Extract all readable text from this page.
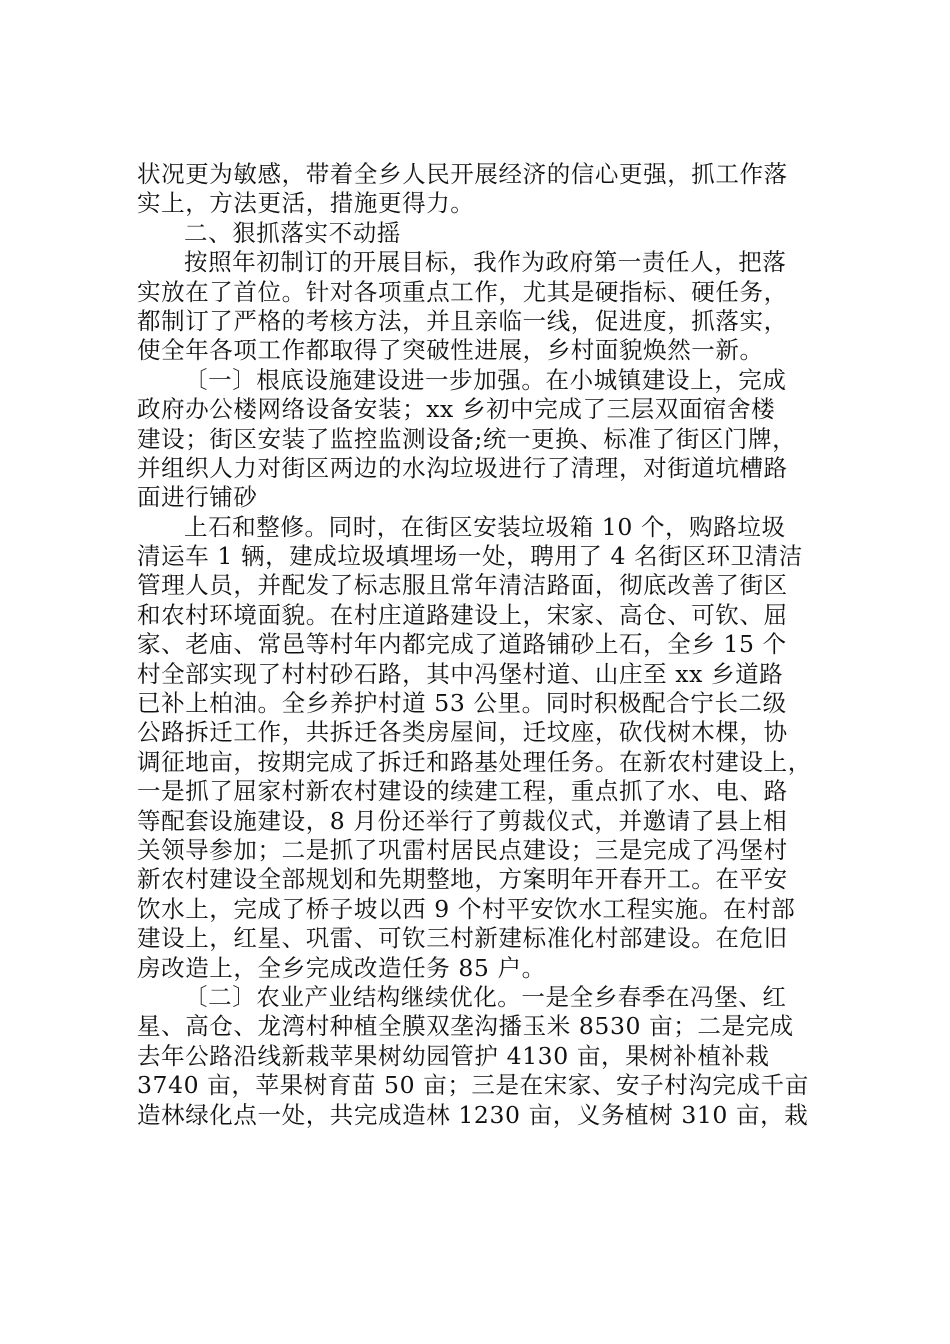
状况更为敏感，带着全乡人民开展经济的信心更强，抓工作落
实上，方法更活，措施更得力。
二、狠抓落实不动摇
按照年初制订的开展目标，我作为政府第一责任人，把落
实放在了首位。针对各项重点工作，尤其是硬指标、硬任务，
都制订了严格的考核方法，并且亲临一线，促进度，抓落实，
使全年各项工作都取得了突破性进展，乡村面貌焕然一新。
〔一〕根底设施建设进一步加强。在小城镇建设上，完成
政府办公楼网络设备安装；xx 乡初中完成了三层双面宿舍楼
建设；街区安装了监控监测设备;统一更换、标准了街区门牌，
并组织人力对街区两边的水沟垃圾进行了清理，对街道坑槽路
面进行铺砂
上石和整修。同时，在街区安装垃圾箱 10 个，购路垃圾
清运车 1 辆，建成垃圾填埋场一处，聘用了 4 名街区环卫清洁
管理人员，并配发了标志服且常年清洁路面，彻底改善了街区
和农村环境面貌。在村庄道路建设上，宋家、高仓、可钦、屈
家、老庙、常邑等村年内都完成了道路铺砂上石，全乡 15 个
村全部实现了村村砂石路，其中冯堡村道、山庄至 xx 乡道路
已补上柏油。全乡养护村道 53 公里。同时积极配合宁长二级
公路拆迁工作，共拆迁各类房屋间，迁坟座，砍伐树木棵，协
调征地亩，按期完成了拆迁和路基处理任务。在新农村建设上，
一是抓了屈家村新农村建设的续建工程，重点抓了水、电、路
等配套设施建设，8 月份还举行了剪裁仪式，并邀请了县上相
关领导参加；二是抓了巩雷村居民点建设；三是完成了冯堡村
新农村建设全部规划和先期整地，方案明年开春开工。在平安
饮水上，完成了桥子坡以西 9 个村平安饮水工程实施。在村部
建设上，红星、巩雷、可钦三村新建标准化村部建设。在危旧
房改造上，全乡完成改造任务 85 户。
〔二〕农业产业结构继续优化。一是全乡春季在冯堡、红
星、高仓、龙湾村种植全膜双垄沟播玉米 8530 亩；二是完成
去年公路沿线新栽苹果树幼园管护 4130 亩，果树补植补栽
3740 亩，苹果树育苗 50 亩；三是在宋家、安子村沟完成千亩
造林绿化点一处，共完成造林 1230 亩，义务植树 310 亩，栽
